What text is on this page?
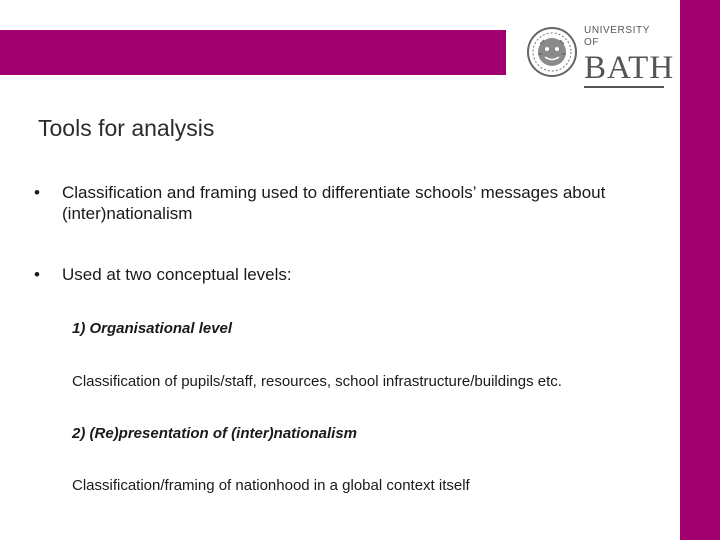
UNIVERSITY OF
BATH
Tools for analysis
•	Classification and framing used to differentiate schools’ messages about (inter)nationalism
•	Used at two conceptual levels:
1) Organisational level
Classification of pupils/staff, resources, school infrastructure/buildings etc.
2) (Re)presentation of (inter)nationalism
Classification/framing of nationhood in a global context itself
